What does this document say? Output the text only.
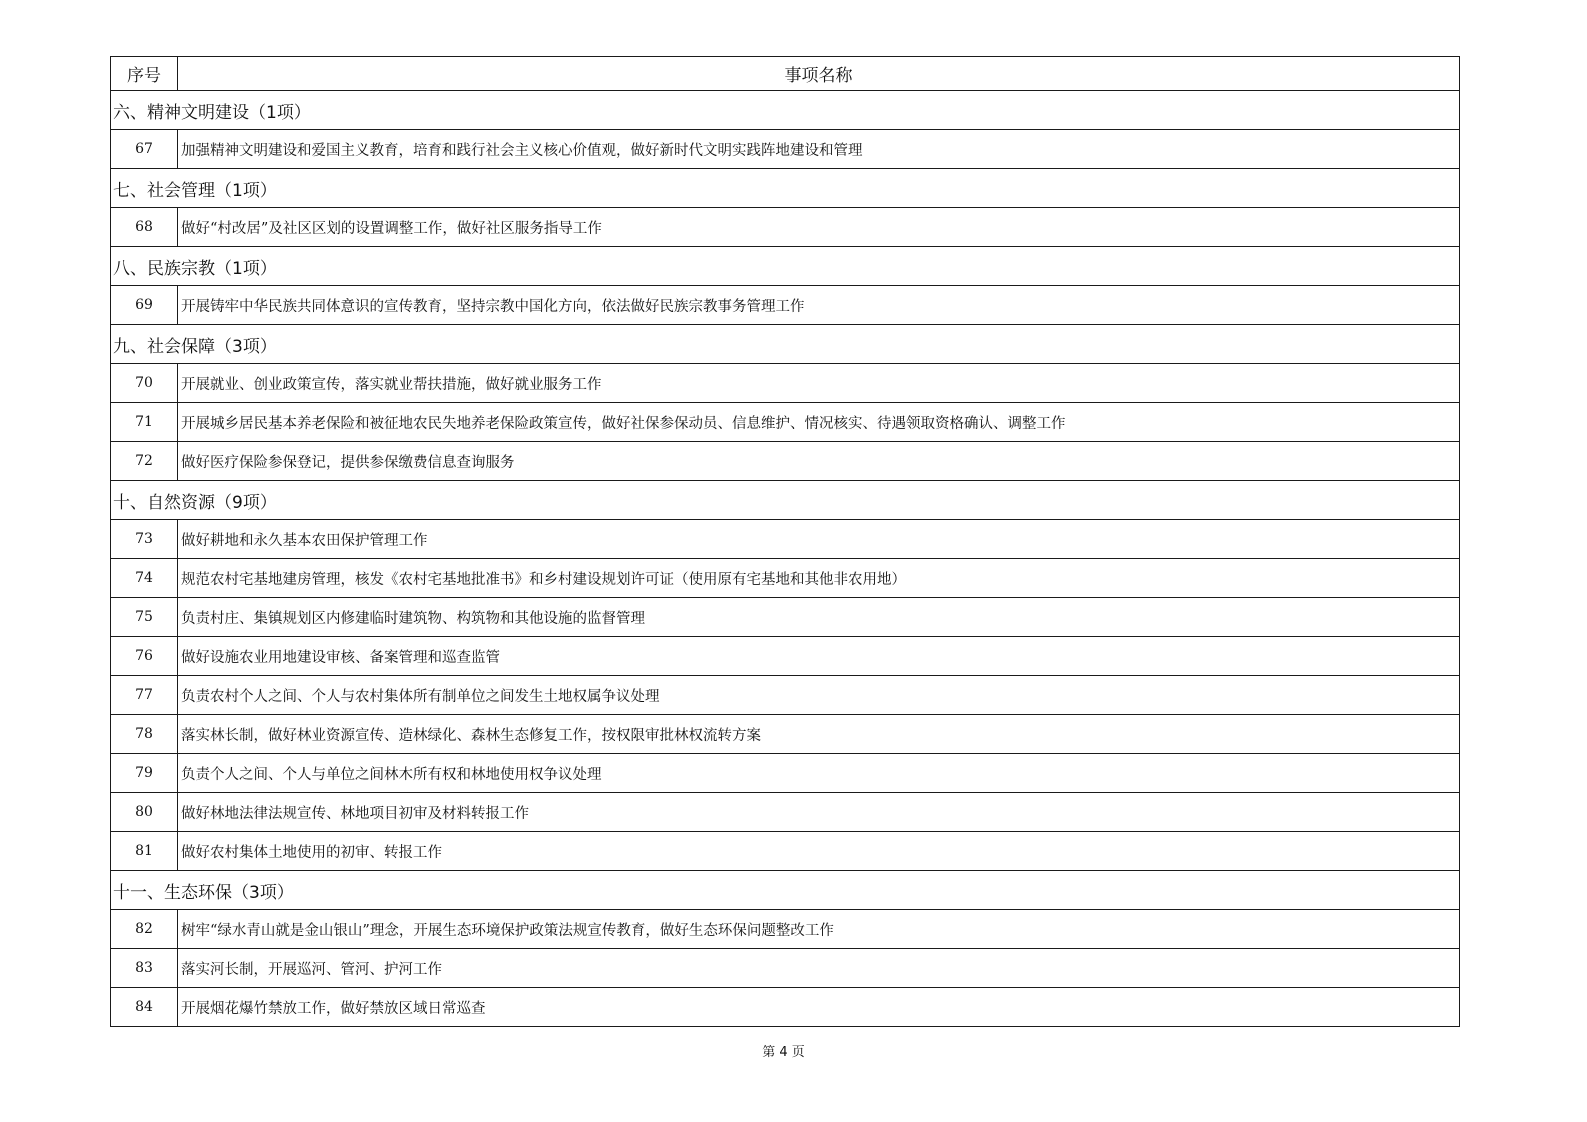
序号	事项名称
六、精神文明建设（1项）	
67	加强精神文明建设和爱国主义教育，培育和践行社会主义核心价值观，做好新时代文明实践阵地建设和管理
七、社会管理（1项）	
68	做好“村改居”及社区区划的设置调整工作，做好社区服务指导工作
八、民族宗教（1项）	
69	开展铸牢中华民族共同体意识的宣传教育，坚持宗教中国化方向，依法做好民族宗教事务管理工作
九、社会保障（3项）	
70	开展就业、创业政策宣传，落实就业帮扶措施，做好就业服务工作
71	开展城乡居民基本养老保险和被征地农民失地养老保险政策宣传，做好社保参保动员、信息维护、情况核实、待遇领取资格确认、调整工作
72	做好医疗保险参保登记，提供参保缴费信息查询服务
十、自然资源（9项）	
73	做好耕地和永久基本农田保护管理工作
74	规范农村宅基地建房管理，核发《农村宅基地批准书》和乡村建设规划许可证（使用原有宅基地和其他非农用地）
75	负责村庄、集镇规划区内修建临时建筑物、构筑物和其他设施的监督管理
76	做好设施农业用地建设审核、备案管理和巡查监管
77	负责农村个人之间、个人与农村集体所有制单位之间发生土地权属争议处理
78	落实林长制，做好林业资源宣传、造林绿化、森林生态修复工作，按权限审批林权流转方案
79	负责个人之间、个人与单位之间林木所有权和林地使用权争议处理
80	做好林地法律法规宣传、林地项目初审及材料转报工作
81	做好农村集体土地使用的初审、转报工作
十一、生态环保（3项）	
82	树牢“绿水青山就是金山银山”理念，开展生态环境保护政策法规宣传教育，做好生态环保问题整改工作
83	落实河长制，开展巡河、管河、护河工作
84	开展烟花爆竹禁放工作，做好禁放区域日常巡查
第 4 页
